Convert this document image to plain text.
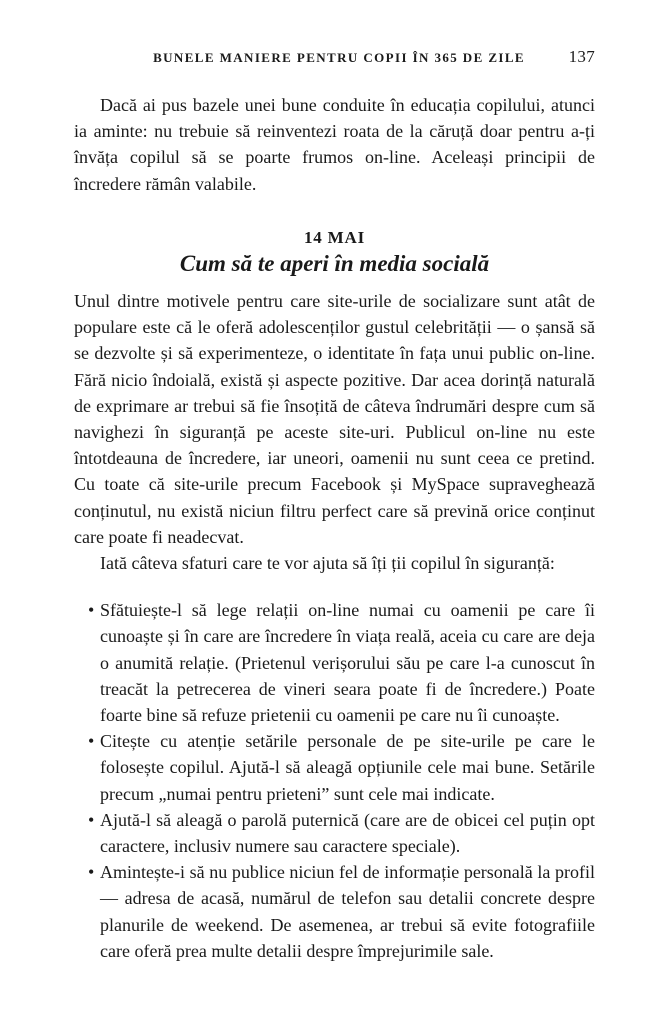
BUNELE MANIERE PENTRU COPII ÎN 365 DE ZILE	137

Dacă ai pus bazele unei bune conduite în educația copilului, atunci ia aminte: nu trebuie să reinventezi roata de la căruță doar pentru a-ți învăța copilul să se poarte frumos on-line. Aceleași principii de încredere rămân valabile.

14 MAI
Cum să te aperi în media socială

Unul dintre motivele pentru care site-urile de socializare sunt atât de populare este că le oferă adolescenților gustul celebrității — o șansă să se dezvolte și să experimenteze, o identitate în fața unui public on-line. Fără nicio îndoială, există și aspecte pozitive. Dar acea dorință naturală de exprimare ar trebui să fie însoțită de câteva îndrumări despre cum să navighezi în siguranță pe aceste site-uri. Publicul on-line nu este întotdeauna de încredere, iar uneori, oamenii nu sunt ceea ce pretind. Cu toate că site-urile precum Facebook și MySpace supraveghează conținutul, nu există niciun filtru perfect care să prevină orice conținut care poate fi neadecvat.

Iată câteva sfaturi care te vor ajuta să îți ții copilul în siguranță:

• Sfătuiește-l să lege relații on-line numai cu oamenii pe care îi cunoaște și în care are încredere în viața reală, aceia cu care are deja o anumită relație. (Prietenul verișorului său pe care l-a cunoscut în treacăt la petrecerea de vineri seara poate fi de încredere.) Poate foarte bine să refuze prietenii cu oamenii pe care nu îi cunoaște.
• Citește cu atenție setările personale de pe site-urile pe care le folosește copilul. Ajută-l să aleagă opțiunile cele mai bune. Setările precum „numai pentru prieteni” sunt cele mai indicate.
• Ajută-l să aleagă o parolă puternică (care are de obicei cel puțin opt caractere, inclusiv numere sau caractere speciale).
• Amintește-i să nu publice niciun fel de informație personală la profil — adresa de acasă, numărul de telefon sau detalii concrete despre planurile de weekend. De asemenea, ar trebui să evite fotografiile care oferă prea multe detalii despre împrejurimile sale.
